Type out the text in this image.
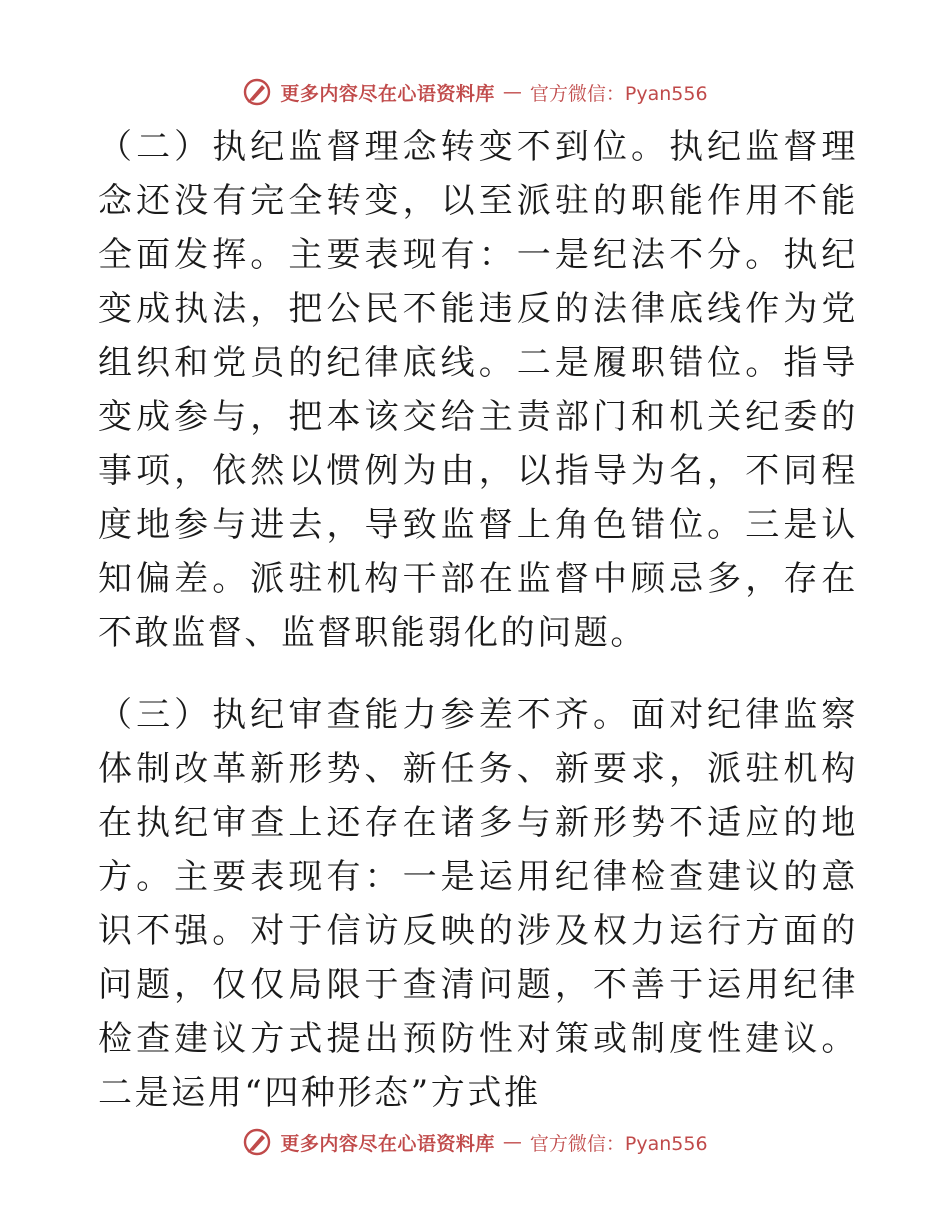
更多内容尽在心语资料库 — 官方微信：Pyan556

（二）执纪监督理念转变不到位。执纪监督理念还没有完全转变，以至派驻的职能作用不能全面发挥。主要表现有：一是纪法不分。执纪变成执法，把公民不能违反的法律底线作为党组织和党员的纪律底线。二是履职错位。指导变成参与，把本该交给主责部门和机关纪委的事项，依然以惯例为由，以指导为名，不同程度地参与进去，导致监督上角色错位。三是认知偏差。派驻机构干部在监督中顾忌多，存在不敢监督、监督职能弱化的问题。

（三）执纪审查能力参差不齐。面对纪律监察体制改革新形势、新任务、新要求，派驻机构在执纪审查上还存在诸多与新形势不适应的地方。主要表现有：一是运用纪律检查建议的意识不强。对于信访反映的涉及权力运行方面的问题，仅仅局限于查清问题，不善于运用纪律检查建议方式提出预防性对策或制度性建议。二是运用“四种形态”方式推

更多内容尽在心语资料库 — 官方微信：Pyan556
